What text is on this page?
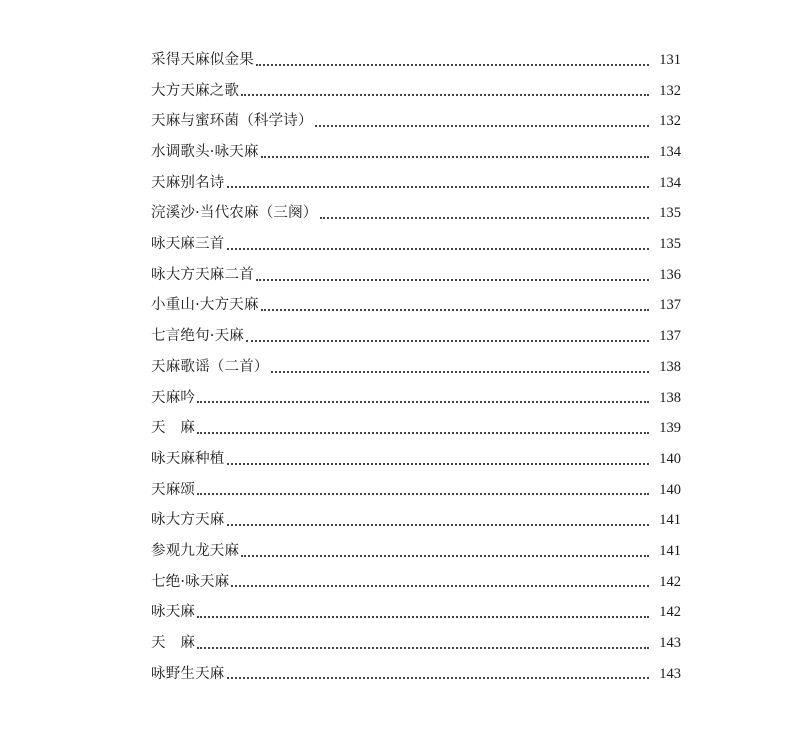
采得天麻似金果	131
大方天麻之歌	132
天麻与蜜环菌（科学诗）	132
水调歌头·咏天麻	134
天麻别名诗	134
浣溪沙·当代农麻（三阕）	135
咏天麻三首	135
咏大方天麻二首	136
小重山·大方天麻	137
七言绝句·天麻	137
天麻歌谣（二首）	138
天麻吟	138
天　麻	139
咏天麻种植	140
天麻颂	140
咏大方天麻	141
参观九龙天麻	141
七绝·咏天麻	142
咏天麻	142
天　麻	143
咏野生天麻	143
